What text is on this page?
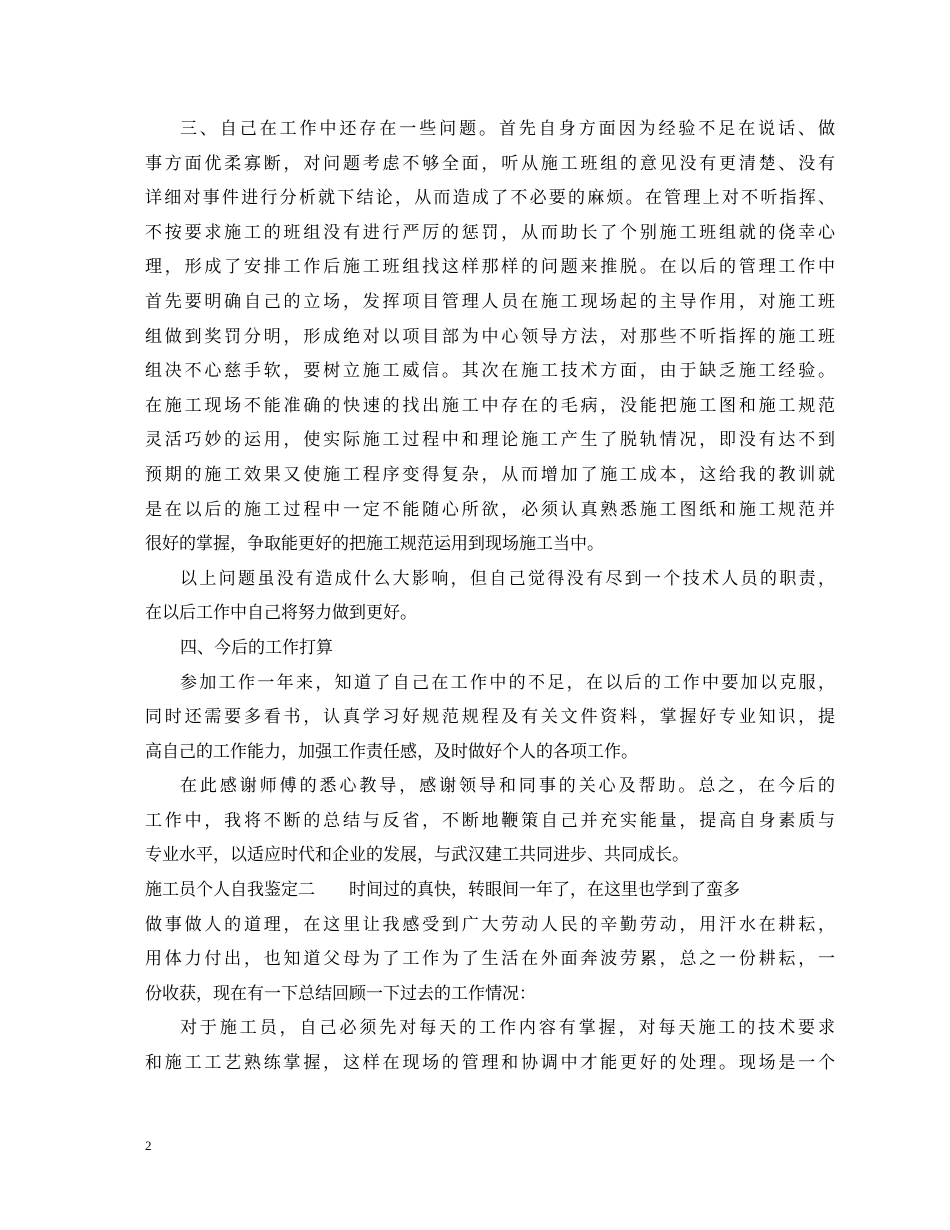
三、自己在工作中还存在一些问题。首先自身方面因为经验不足在说话、做
事方面优柔寡断，对问题考虑不够全面，听从施工班组的意见没有更清楚、没有
详细对事件进行分析就下结论，从而造成了不必要的麻烦。在管理上对不听指挥、
不按要求施工的班组没有进行严厉的惩罚，从而助长了个别施工班组就的侥幸心
理，形成了安排工作后施工班组找这样那样的问题来推脱。在以后的管理工作中
首先要明确自己的立场，发挥项目管理人员在施工现场起的主导作用，对施工班
组做到奖罚分明，形成绝对以项目部为中心领导方法，对那些不听指挥的施工班
组决不心慈手软，要树立施工威信。其次在施工技术方面，由于缺乏施工经验。
在施工现场不能准确的快速的找出施工中存在的毛病，没能把施工图和施工规范
灵活巧妙的运用，使实际施工过程中和理论施工产生了脱轨情况，即没有达不到
预期的施工效果又使施工程序变得复杂，从而增加了施工成本，这给我的教训就
是在以后的施工过程中一定不能随心所欲，必须认真熟悉施工图纸和施工规范并
很好的掌握，争取能更好的把施工规范运用到现场施工当中。
以上问题虽没有造成什么大影响，但自己觉得没有尽到一个技术人员的职责，
在以后工作中自己将努力做到更好。
四、今后的工作打算
参加工作一年来，知道了自己在工作中的不足，在以后的工作中要加以克服，
同时还需要多看书，认真学习好规范规程及有关文件资料，掌握好专业知识，提
高自己的工作能力，加强工作责任感，及时做好个人的各项工作。
在此感谢师傅的悉心教导，感谢领导和同事的关心及帮助。总之，在今后的
工作中，我将不断的总结与反省，不断地鞭策自己并充实能量，提高自身素质与
专业水平，以适应时代和企业的发展，与武汉建工共同进步、共同成长。
施工员个人自我鉴定二 时间过的真快，转眼间一年了，在这里也学到了蛮多
做事做人的道理，在这里让我感受到广大劳动人民的辛勤劳动，用汗水在耕耘，
用体力付出，也知道父母为了工作为了生活在外面奔波劳累，总之一份耕耘，一
份收获，现在有一下总结回顾一下过去的工作情况：
对于施工员，自己必须先对每天的工作内容有掌握，对每天施工的技术要求
和施工工艺熟练掌握，这样在现场的管理和协调中才能更好的处理。现场是一个
2
